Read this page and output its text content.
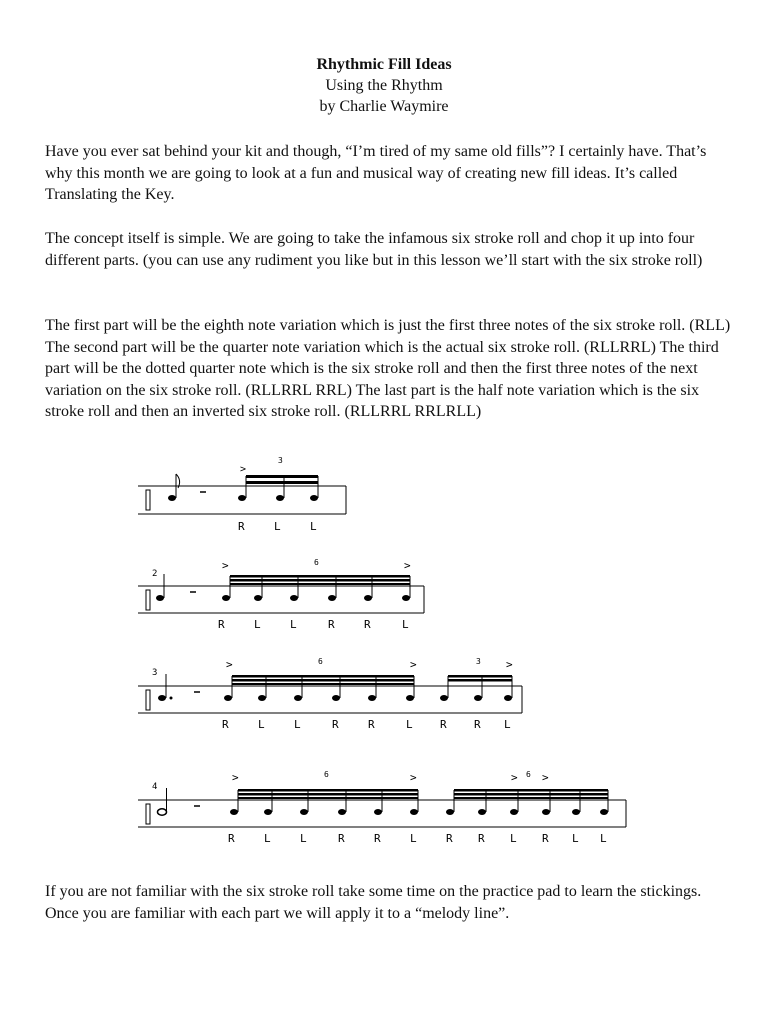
Rhythmic Fill Ideas
Using the Rhythm
by Charlie Waymire

Have you ever sat behind your kit and though, “I’m tired of my same old fills”? I certainly have. That’s why this month we are going to look at a fun and musical way of creating new fill ideas. It’s called Translating the Key.

The concept itself is simple. We are going to take the infamous six stroke roll and chop it up into four different parts. (you can use any rudiment you like but in this lesson we’ll start with the six stroke roll)

The first part will be the eighth note variation which is just the first three notes of the six stroke roll. (RLL) The second part will be the quarter note variation which is the actual six stroke roll. (RLLRRL) The third part will be the dotted quarter note which is the six stroke roll and then the first three notes of the next variation on the six stroke roll. (RLLRRL RRL) The last part is the half note variation which is the six stroke roll and then an inverted six stroke roll. (RLLRRL RRLRLL)

If you are not familiar with the six stroke roll take some time on the practice pad to learn the stickings. Once you are familiar with each part we will apply it to a “melody line”.

>
3
R	L	L
2
>	>
6
R	L	L	R	R	L
3
>	>	>
6	3
R	L	L	R	R	L R R L
4
>	>	> >
6	6
R	L	L	R	R	L	R R L R L L
